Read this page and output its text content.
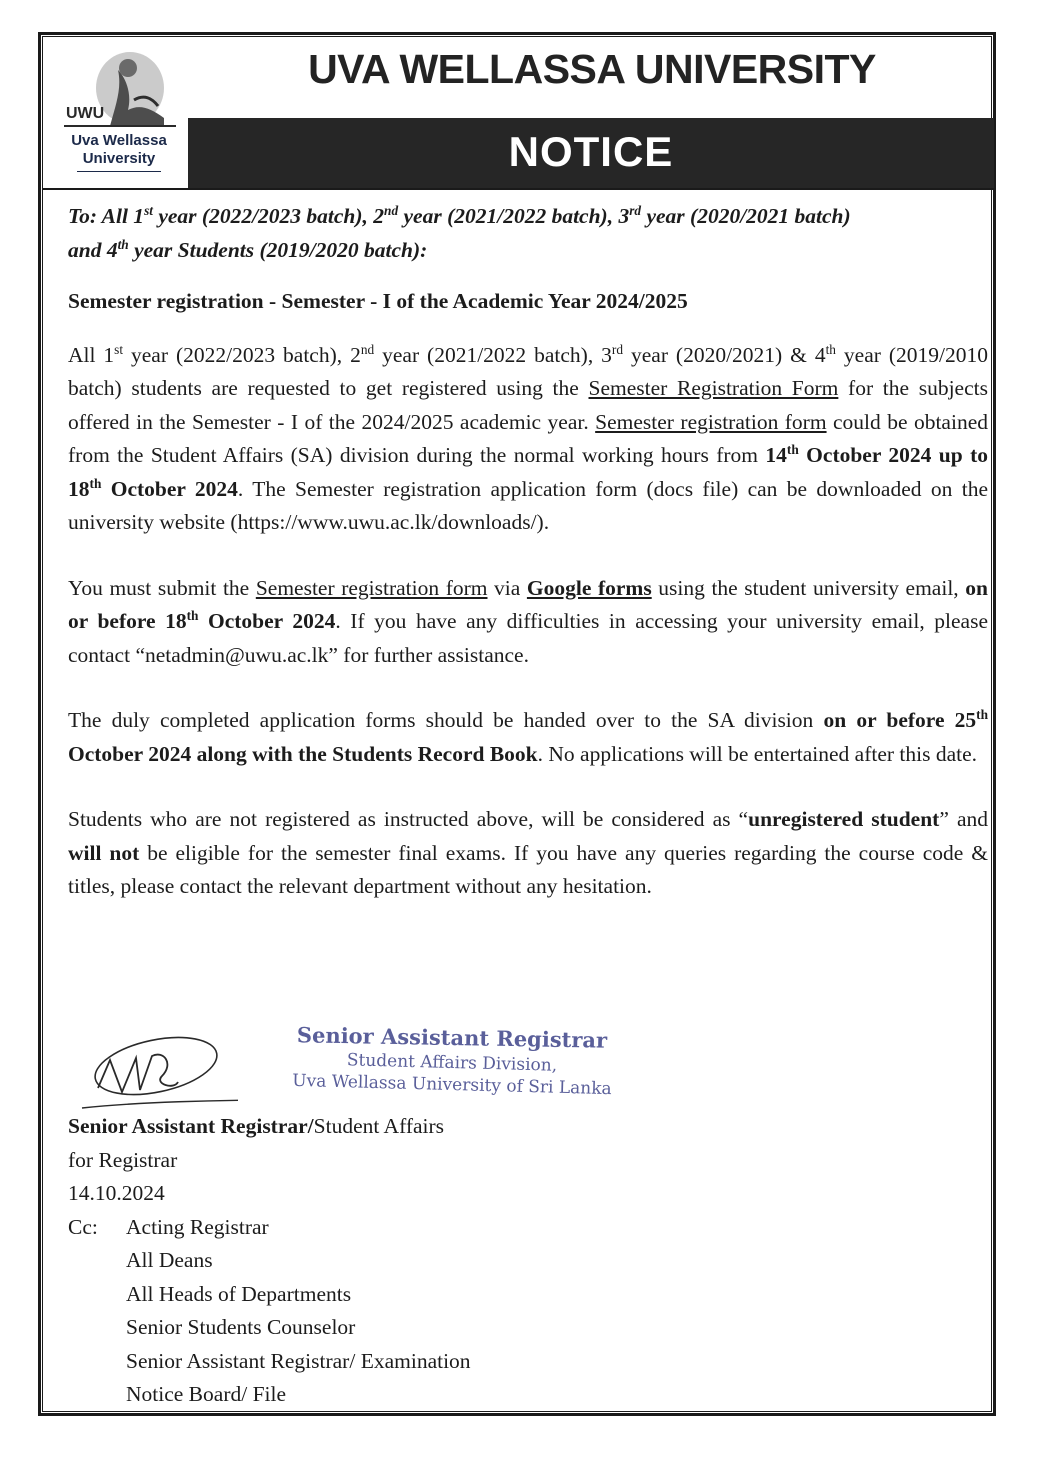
UWU
Uva Wellassa
University
UVA WELLASSA UNIVERSITY
NOTICE

To: All 1st year (2022/2023 batch), 2nd year (2021/2022 batch), 3rd year (2020/2021 batch)
and 4th year Students (2019/2020 batch):

Semester registration - Semester - I of the Academic Year 2024/2025

All 1st year (2022/2023 batch), 2nd year (2021/2022 batch), 3rd year (2020/2021) & 4th year (2019/2010 batch) students are requested to get registered using the Semester Registration Form for the subjects offered in the Semester - I of the 2024/2025 academic year. Semester registration form could be obtained from the Student Affairs (SA) division during the normal working hours from 14th October 2024 up to 18th October 2024. The Semester registration application form (docs file) can be downloaded on the university website (https://www.uwu.ac.lk/downloads/).

You must submit the Semester registration form via Google forms using the student university email, on or before 18th October 2024. If you have any difficulties in accessing your university email, please contact “netadmin@uwu.ac.lk” for further assistance.

The duly completed application forms should be handed over to the SA division on or before 25th October 2024 along with the Students Record Book. No applications will be entertained after this date.

Students who are not registered as instructed above, will be considered as “unregistered student” and will not be eligible for the semester final exams. If you have any queries regarding the course code & titles, please contact the relevant department without any hesitation.

Senior Assistant Registrar
Student Affairs Division,
Uva Wellassa University of Sri Lanka
Senior Assistant Registrar/Student Affairs
for Registrar
14.10.2024
Cc:	Acting Registrar
All Deans
All Heads of Departments
Senior Students Counselor
Senior Assistant Registrar/ Examination
Notice Board/ File
